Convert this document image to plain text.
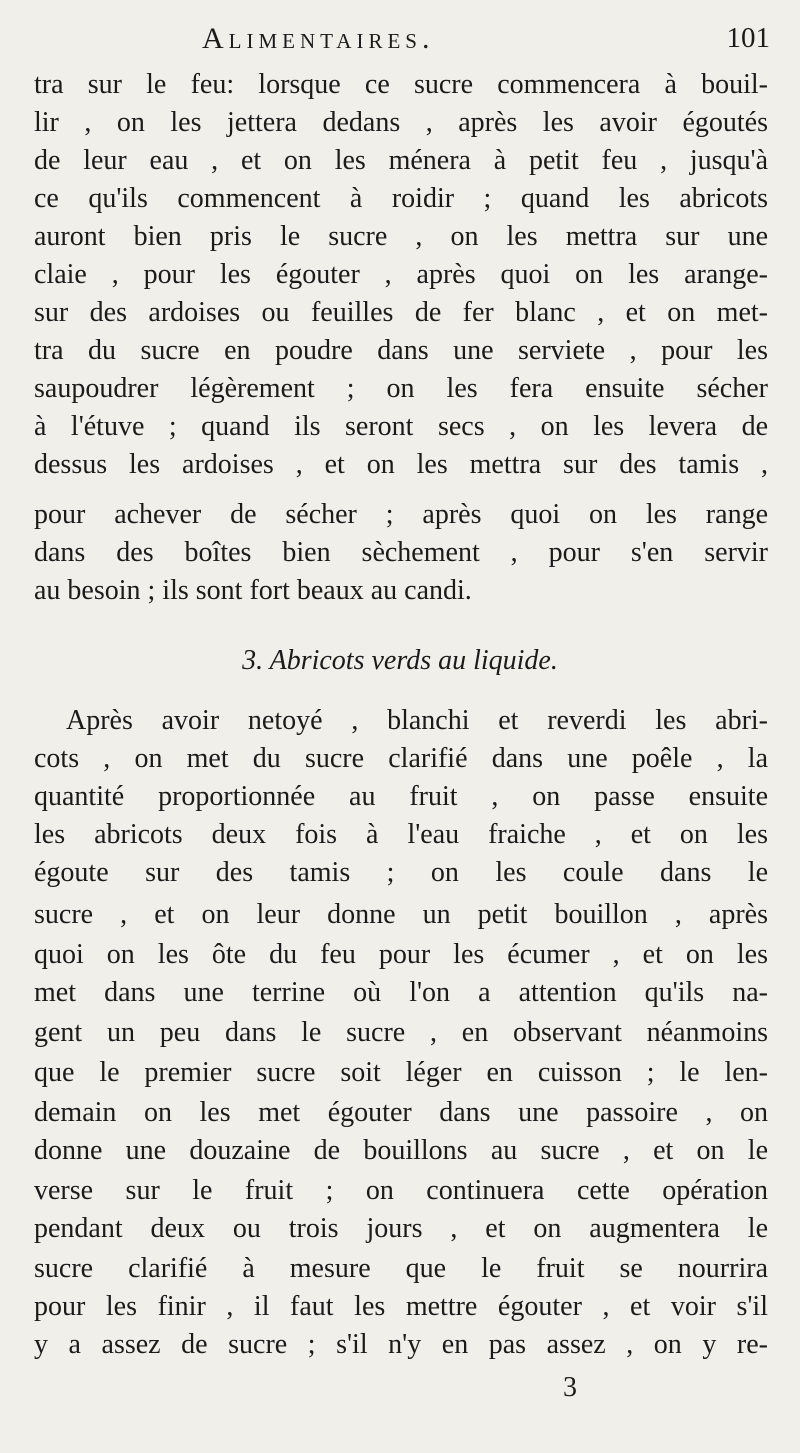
Alimentaires.	101
tra sur le feu: lorsque ce sucre commencera à bouil-
lir , on les jettera dedans , après les avoir égoutés
de leur eau , et on les ménera à petit feu , jusqu'à
ce qu'ils commencent à roidir ; quand les abricots
auront bien pris le sucre , on les mettra sur une
claie , pour les égouter , après quoi on les arange-
sur des ardoises ou feuilles de fer blanc , et on met-
tra du sucre en poudre dans une serviete , pour les
saupoudrer légèrement ; on les fera ensuite sécher
à l'étuve ; quand ils seront secs , on les levera de
dessus les ardoises , et on les mettra sur des tamis ,
pour achever de sécher ; après quoi on les range
dans des boîtes bien sèchement , pour s'en servir
au besoin ; ils sont fort beaux au candi.
3. Abricots verds au liquide.
Après avoir netoyé , blanchi et reverdi les abri-
cots , on met du sucre clarifié dans une poêle , la
quantité proportionnée au fruit , on passe ensuite
les abricots deux fois à l'eau fraiche , et on les
égoute sur des tamis ; on les coule dans le
sucre , et on leur donne un petit bouillon , après
quoi on les ôte du feu pour les écumer , et on les
met dans une terrine où l'on a attention qu'ils na-
gent un peu dans le sucre , en observant néanmoins
que le premier sucre soit léger en cuisson ; le len-
demain on les met égouter dans une passoire , on
donne une douzaine de bouillons au sucre , et on le
verse sur le fruit ; on continuera cette opération
pendant deux ou trois jours , et on augmentera le
sucre clarifié à mesure que le fruit se nourrira
pour les finir , il faut les mettre égouter , et voir s'il
y a assez de sucre ; s'il n'y en pas assez , on y re-
3
